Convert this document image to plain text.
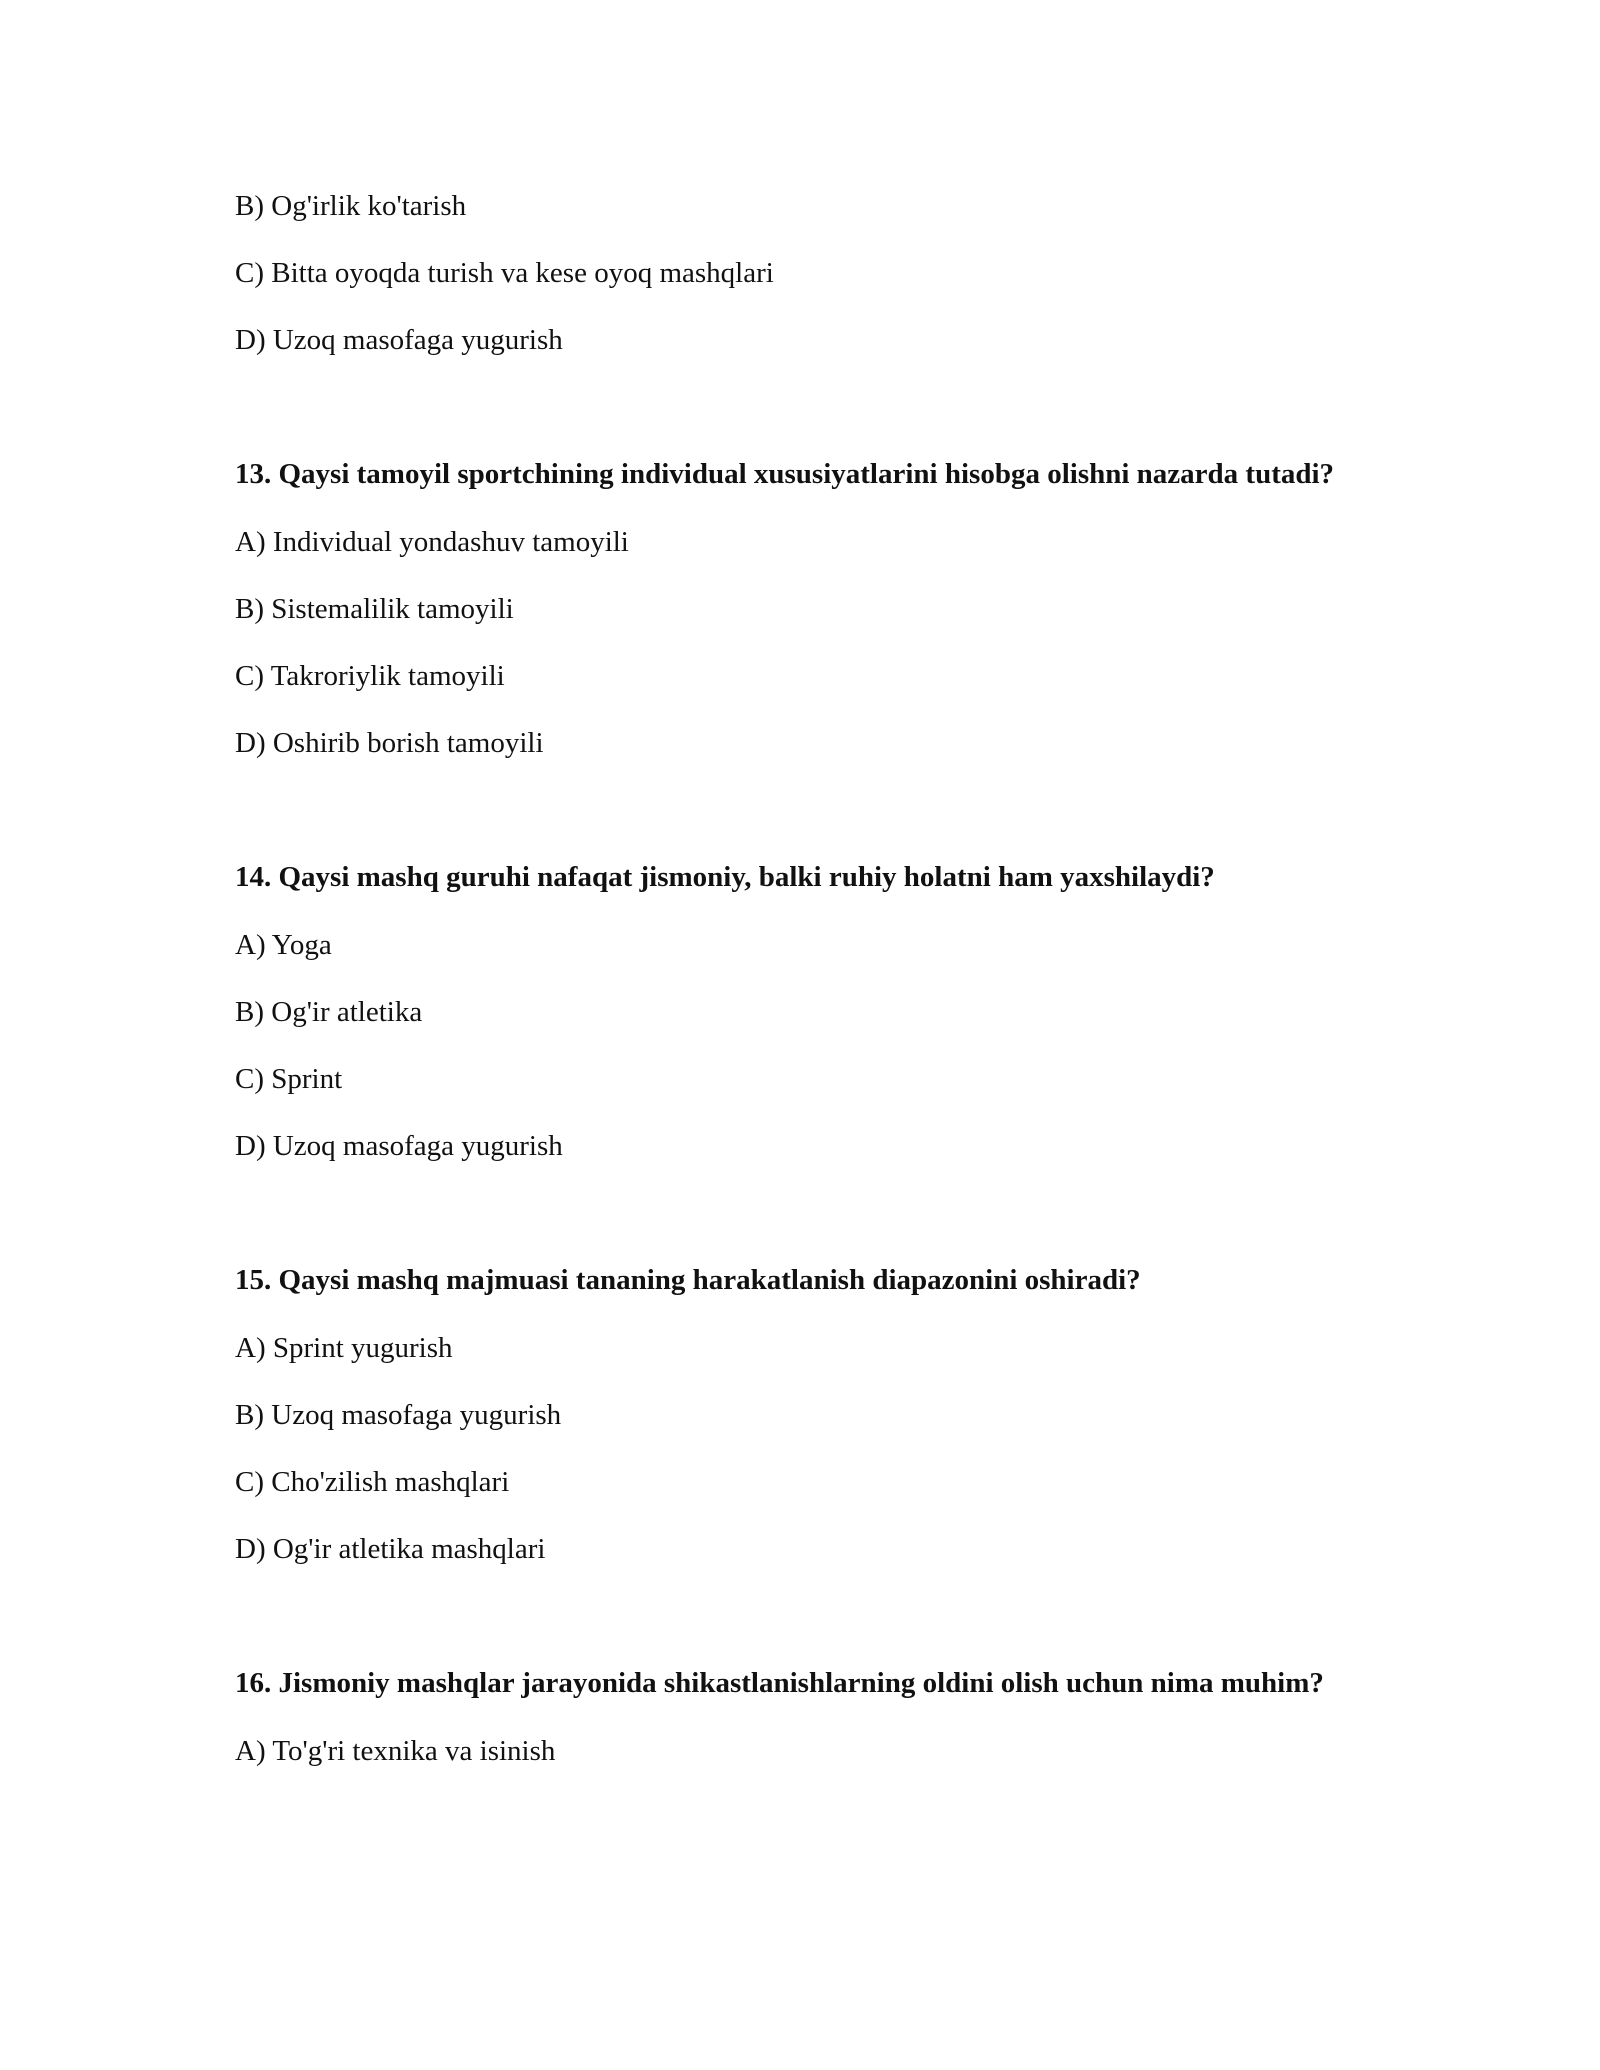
B) Og'irlik ko'tarish
C) Bitta oyoqda turish va kese oyoq mashqlari
D) Uzoq masofaga yugurish
13. Qaysi tamoyil sportchining individual xususiyatlarini hisobga olishni nazarda tutadi?
A) Individual yondashuv tamoyili
B) Sistemalilik tamoyili
C) Takroriylik tamoyili
D) Oshirib borish tamoyili
14. Qaysi mashq guruhi nafaqat jismoniy, balki ruhiy holatni ham yaxshilaydi?
A) Yoga
B) Og'ir atletika
C) Sprint
D) Uzoq masofaga yugurish
15. Qaysi mashq majmuasi tananing harakatlanish diapazonini oshiradi?
A) Sprint yugurish
B) Uzoq masofaga yugurish
C) Cho'zilish mashqlari
D) Og'ir atletika mashqlari
16. Jismoniy mashqlar jarayonida shikastlanishlarning oldini olish uchun nima muhim?
A) To'g'ri texnika va isinish
